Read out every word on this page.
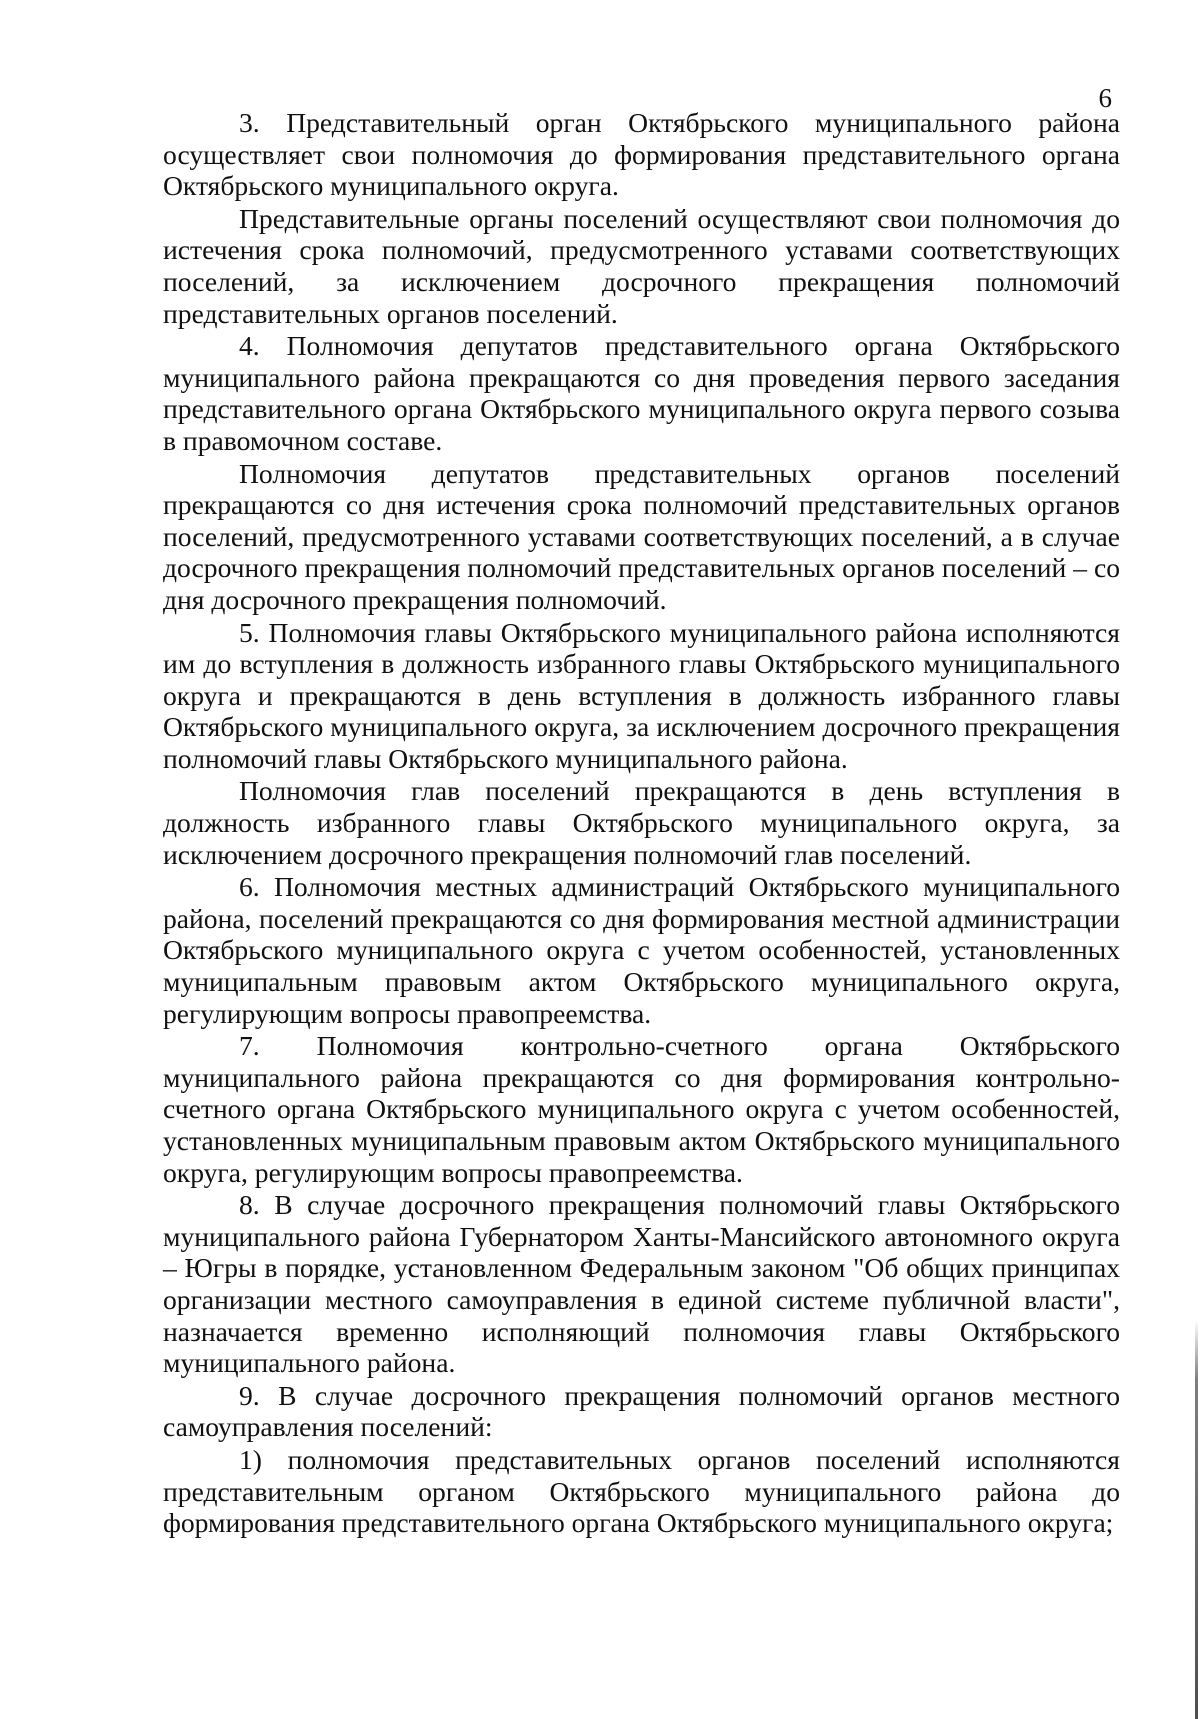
6

3. Представительный орган Октябрьского муниципального района осуществляет свои полномочия до формирования представительного органа Октябрьского муниципального округа.

Представительные органы поселений осуществляют свои полномочия до истечения срока полномочий, предусмотренного уставами соответствующих поселений, за исключением досрочного прекращения полномочий представительных органов поселений.

4. Полномочия депутатов представительного органа Октябрьского муниципального района прекращаются со дня проведения первого заседания представительного органа Октябрьского муниципального округа первого созыва в правомочном составе.

Полномочия депутатов представительных органов поселений прекращаются со дня истечения срока полномочий представительных органов поселений, предусмотренного уставами соответствующих поселений, а в случае досрочного прекращения полномочий представительных органов поселений – со дня досрочного прекращения полномочий.

5. Полномочия главы Октябрьского муниципального района исполняются им до вступления в должность избранного главы Октябрьского муниципального округа и прекращаются в день вступления в должность избранного главы Октябрьского муниципального округа, за исключением досрочного прекращения полномочий главы Октябрьского муниципального района.

Полномочия глав поселений прекращаются в день вступления в должность избранного главы Октябрьского муниципального округа, за исключением досрочного прекращения полномочий глав поселений.

6. Полномочия местных администраций Октябрьского муниципального района, поселений прекращаются со дня формирования местной администрации Октябрьского муниципального округа с учетом особенностей, установленных муниципальным правовым актом Октябрьского муниципального округа, регулирующим вопросы правопреемства.

7. Полномочия контрольно-счетного органа Октябрьского муниципального района прекращаются со дня формирования контрольно-счетного органа Октябрьского муниципального округа с учетом особенностей, установленных муниципальным правовым актом Октябрьского муниципального округа, регулирующим вопросы правопреемства.

8. В случае досрочного прекращения полномочий главы Октябрьского муниципального района Губернатором Ханты-Мансийского автономного округа – Югры в порядке, установленном Федеральным законом "Об общих принципах организации местного самоуправления в единой системе публичной власти", назначается временно исполняющий полномочия главы Октябрьского муниципального района.

9. В случае досрочного прекращения полномочий органов местного самоуправления поселений:

1) полномочия представительных органов поселений исполняются представительным органом Октябрьского муниципального района до формирования представительного органа Октябрьского муниципального округа;
